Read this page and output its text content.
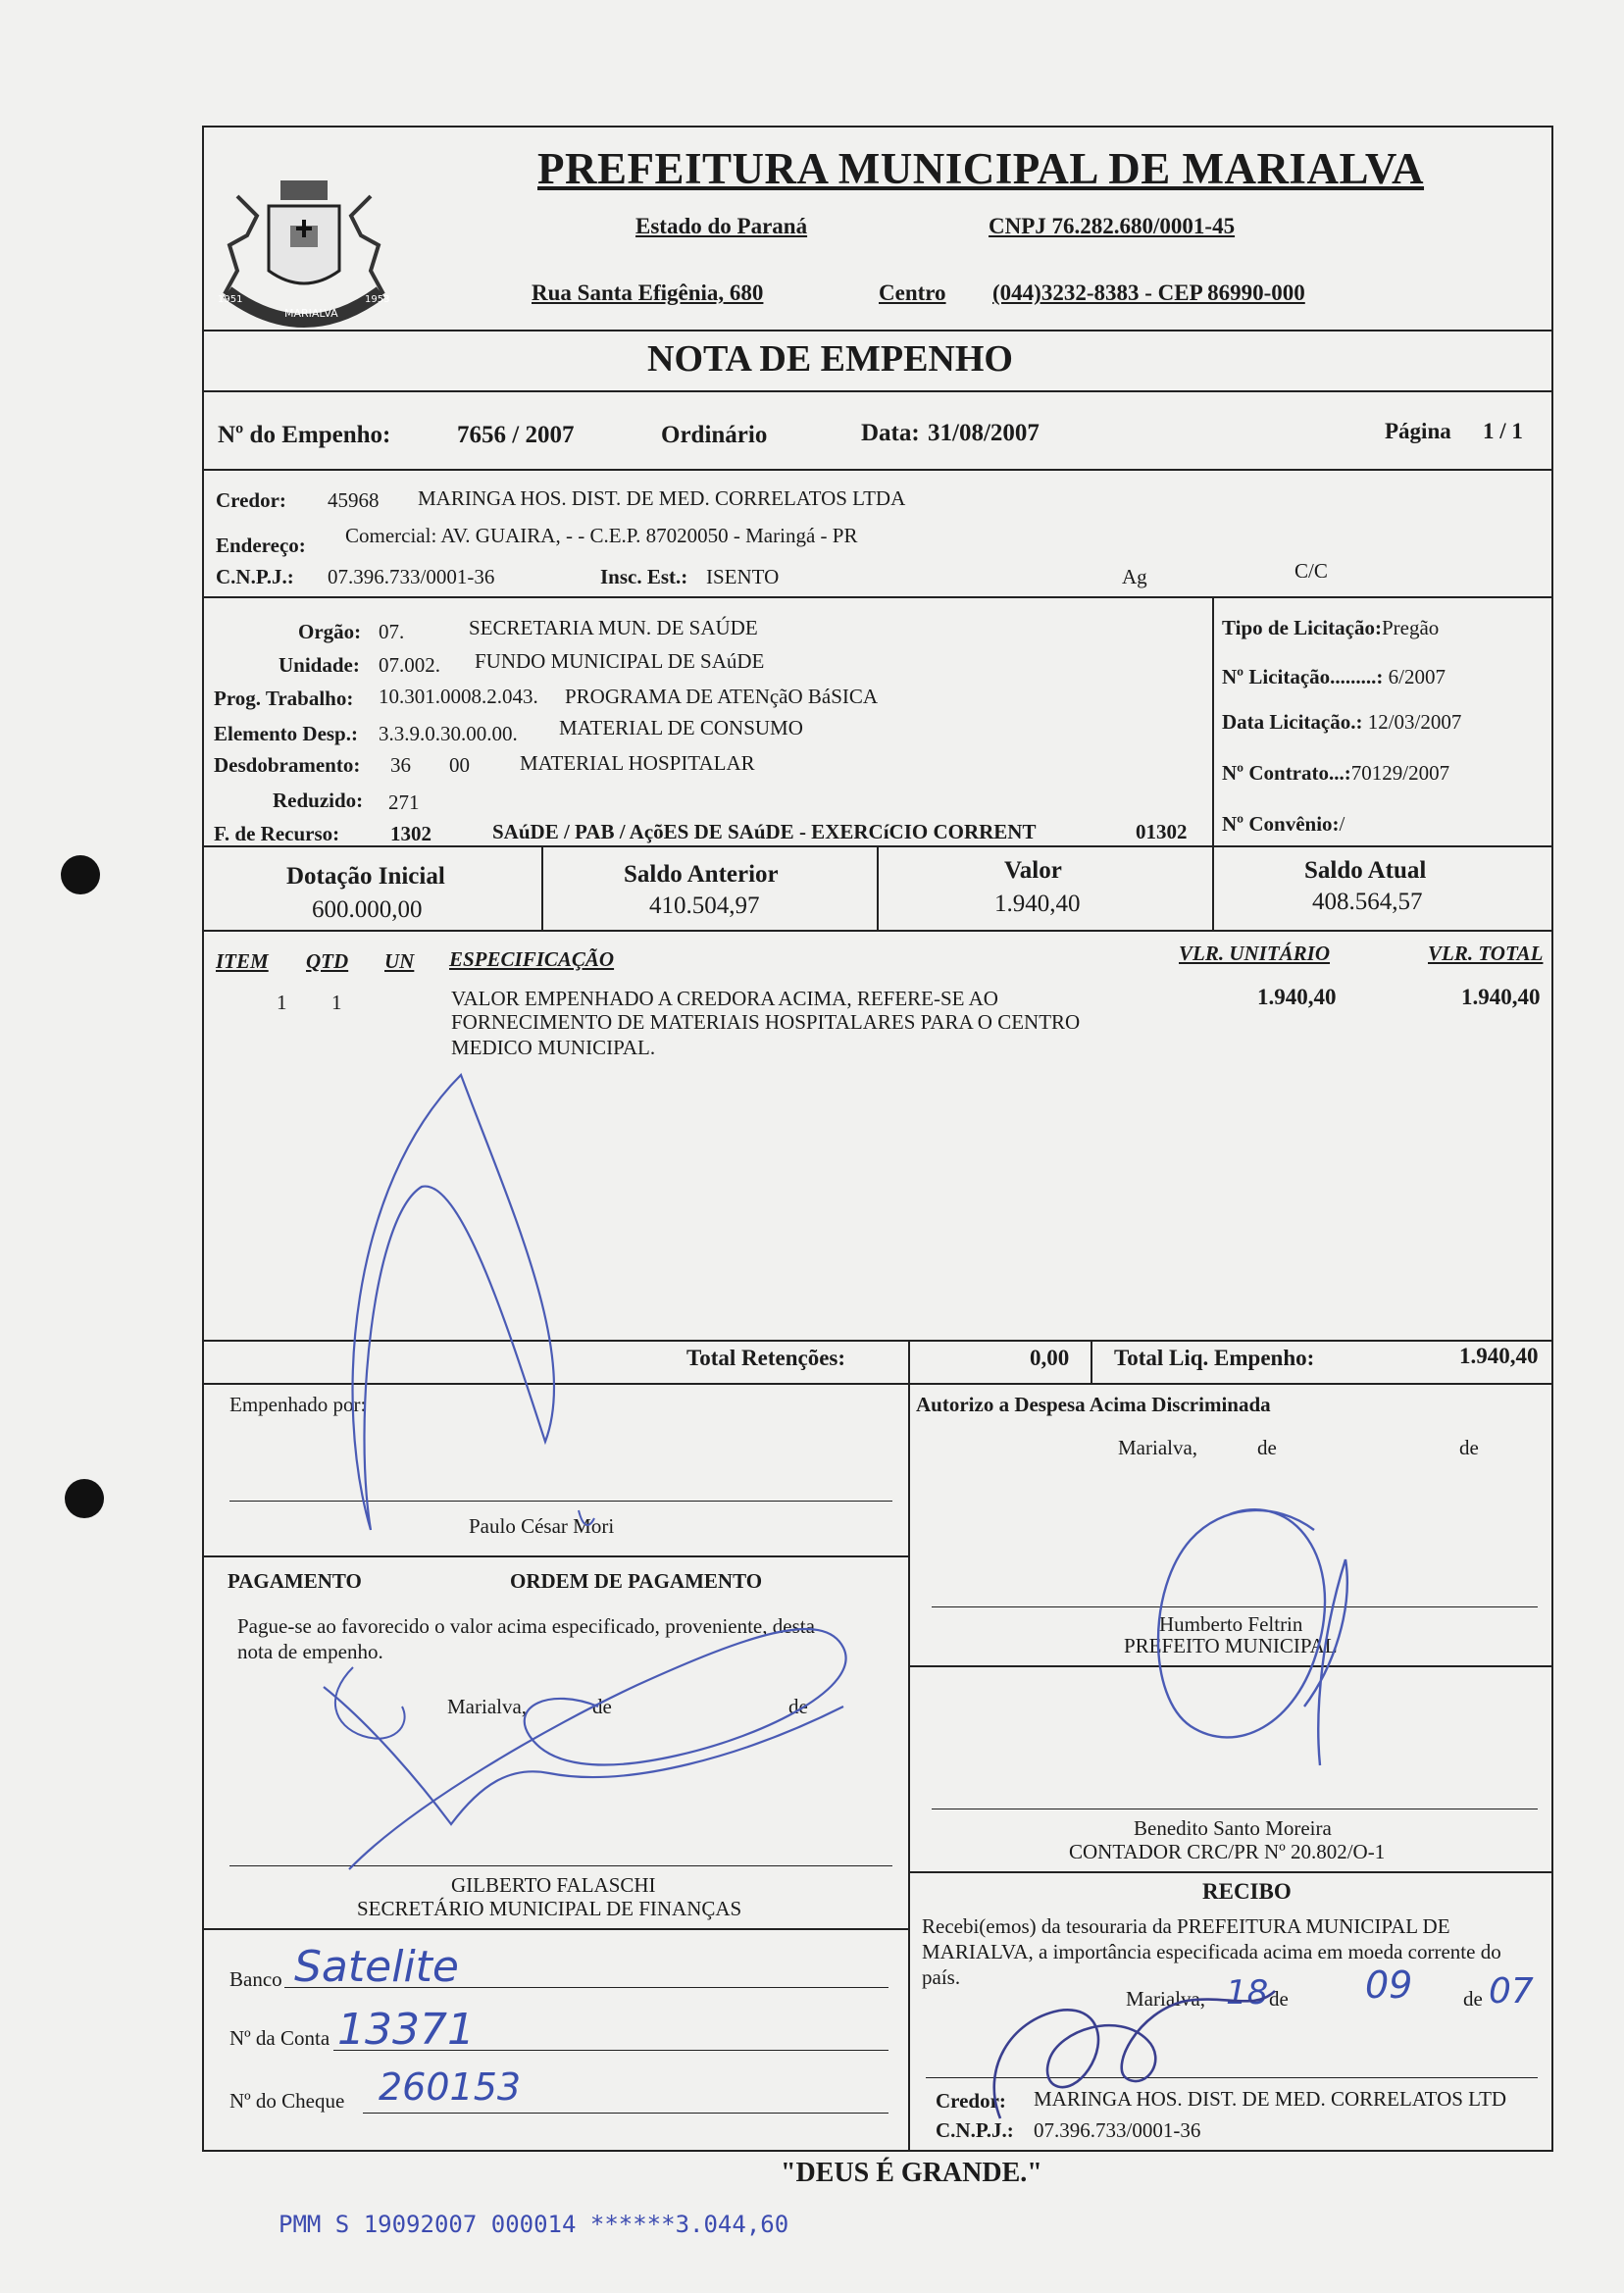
1951
MARIALVA
1953
PREFEITURA MUNICIPAL DE MARIALVA
Estado do Paraná	CNPJ 76.282.680/0001-45
Rua Santa Efigênia, 680	Centro (044)3232-8383 - CEP 86990-000
NOTA DE EMPENHO
Nº do Empenho:	7656 / 2007	Ordinário	Data: 31/08/2007	Página 1 / 1
Credor: 45968 MARINGA HOS. DIST. DE MED. CORRELATOS LTDA
Endereço: Comercial: AV. GUAIRA, - - C.E.P. 87020050 - Maringá - PR
C.N.P.J.: 07.396.733/0001-36	Insc. Est.: ISENTO	Ag	C/C
Orgão: 07.	SECRETARIA MUN. DE SAÚDE
Unidade: 07.002. FUNDO MUNICIPAL DE SAúDE
Prog. Trabalho: 10.301.0008.2.043. PROGRAMA DE ATENçãO BáSICA
Elemento Desp.: 3.3.9.0.30.00.00. MATERIAL DE CONSUMO
Desdobramento: 36 00 MATERIAL HOSPITALAR
Reduzido: 271
F. de Recurso: 1302	SAúDE / PAB / AçõES DE SAúDE - EXERCíCIO CORRENT	01302
Tipo de Licitação:Pregão
Nº Licitação.........: 6/2007
Data Licitação.: 12/03/2007
Nº Contrato...:70129/2007
Nº Convênio:/
Dotação Inicial
600.000,00
Saldo Anterior
410.504,97
Valor
1.940,40
Saldo Atual
408.564,57
ITEM QTD UN ESPECIFICAÇÃO	VLR. UNITÁRIO	VLR. TOTAL
1 1	VALOR EMPENHADO A CREDORA ACIMA, REFERE-SE AO
FORNECIMENTO DE MATERIAIS HOSPITALARES PARA O CENTRO
MEDICO MUNICIPAL.
1.940,40	1.940,40
Total Retenções:	0,00 Total Liq. Empenho:	1.940,40
Empenhado por:
Paulo César Mori
PAGAMENTO	ORDEM DE PAGAMENTO
Pague-se ao favorecido o valor acima especificado, proveniente, desta
nota de empenho.
Marialva,	de	de
GILBERTO FALASCHI
SECRETÁRIO MUNICIPAL DE FINANÇAS
Banco Satelite
Nº da Conta 13371
Nº do Cheque 260153
Autorizo a Despesa Acima Discriminada
Marialva,	de	de
Humberto Feltrin
PREFEITO MUNICIPAL
Benedito Santo Moreira
CONTADOR CRC/PR Nº 20.802/O-1
RECIBO
Recebi(emos) da tesouraria da PREFEITURA MUNICIPAL DE
MARIALVA, a importância especificada acima em moeda corrente do
país.
Marialva, 18 de 09 de 07
Credor: MARINGA HOS. DIST. DE MED. CORRELATOS LTD
C.N.P.J.: 07.396.733/0001-36
"DEUS É GRANDE."
PMM S 19092007 000014 ******3.044,60
